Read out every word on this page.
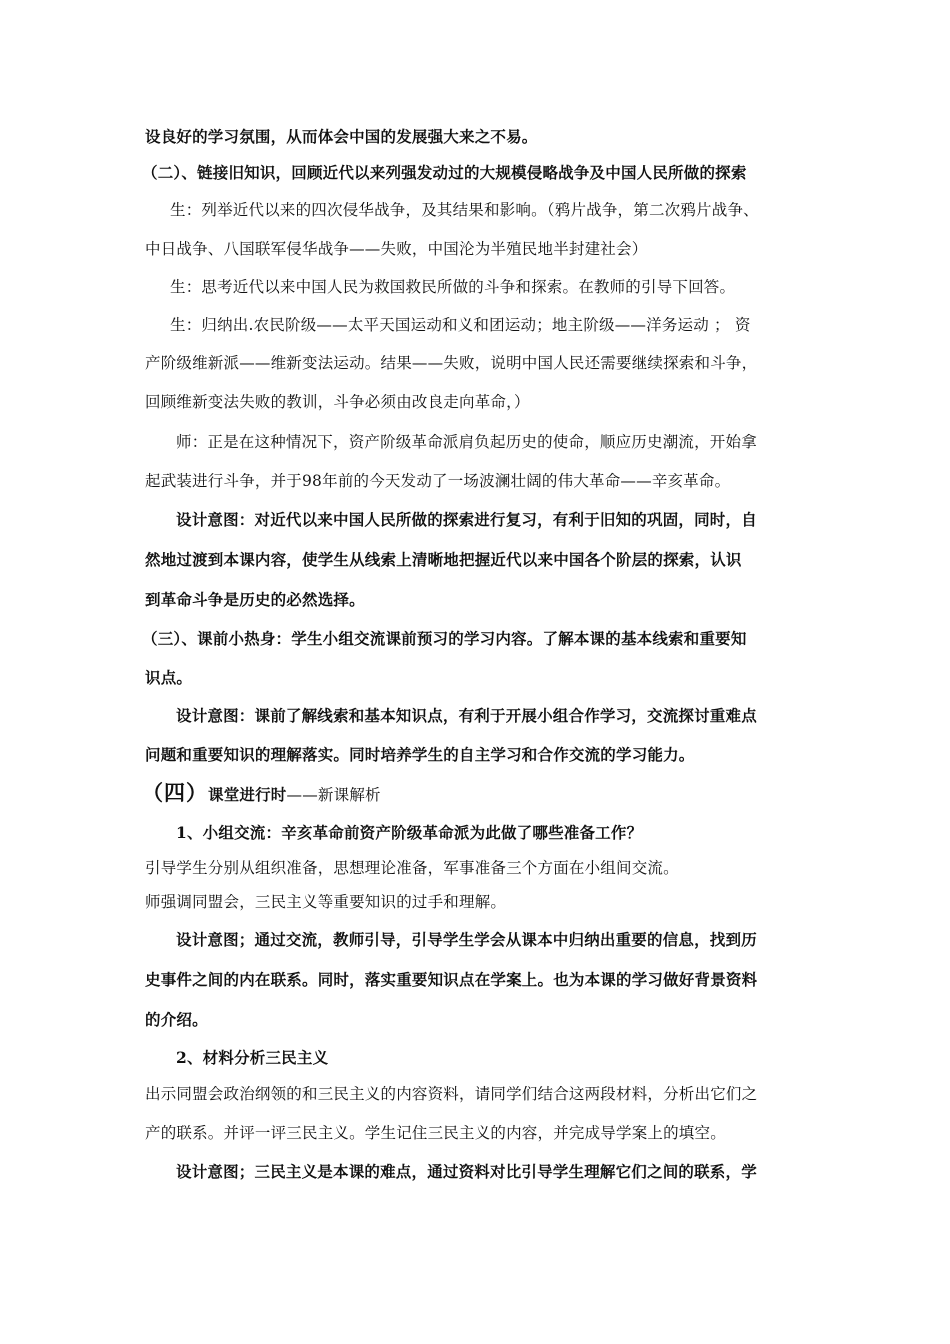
设良好的学习氛围，从而体会中国的发展强大来之不易。
（二）、链接旧知识，回顾近代以来列强发动过的大规模侵略战争及中国人民所做的探索
生：列举近代以来的四次侵华战争，及其结果和影响。（鸦片战争，第二次鸦片战争、
中日战争、八国联军侵华战争——失败，中国沦为半殖民地半封建社会）
生：思考近代以来中国人民为救国救民所做的斗争和探索。在教师的引导下回答。
生：归纳出.农民阶级——太平天国运动和义和团运动；地主阶级——洋务运动 ； 资
产阶级维新派——维新变法运动。结果——失败，说明中国人民还需要继续探索和斗争，
回顾维新变法失败的教训，斗争必须由改良走向革命，）
师：正是在这种情况下，资产阶级革命派肩负起历史的使命，顺应历史潮流，开始拿
起武装进行斗争，并于98年前的今天发动了一场波澜壮阔的伟大革命——辛亥革命。
设计意图：对近代以来中国人民所做的探索进行复习，有利于旧知的巩固，同时，自
然地过渡到本课内容，使学生从线索上清晰地把握近代以来中国各个阶层的探索，认识
到革命斗争是历史的必然选择。
（三）、课前小热身：学生小组交流课前预习的学习内容。了解本课的基本线索和重要知
识点。
设计意图：课前了解线索和基本知识点，有利于开展小组合作学习，交流探讨重难点
问题和重要知识的理解落实。同时培养学生的自主学习和合作交流的学习能力。
（四）课堂进行时——新课解析
1、小组交流：辛亥革命前资产阶级革命派为此做了哪些准备工作？
引导学生分别从组织准备，思想理论准备，军事准备三个方面在小组间交流。
师强调同盟会，三民主义等重要知识的过手和理解。
设计意图；通过交流，教师引导，引导学生学会从课本中归纳出重要的信息，找到历
史事件之间的内在联系。同时，落实重要知识点在学案上。也为本课的学习做好背景资料
的介绍。
2、材料分析三民主义
出示同盟会政治纲领的和三民主义的内容资料，请同学们结合这两段材料，分析出它们之
产的联系。并评一评三民主义。学生记住三民主义的内容，并完成导学案上的填空。
设计意图；三民主义是本课的难点，通过资料对比引导学生理解它们之间的联系，学
